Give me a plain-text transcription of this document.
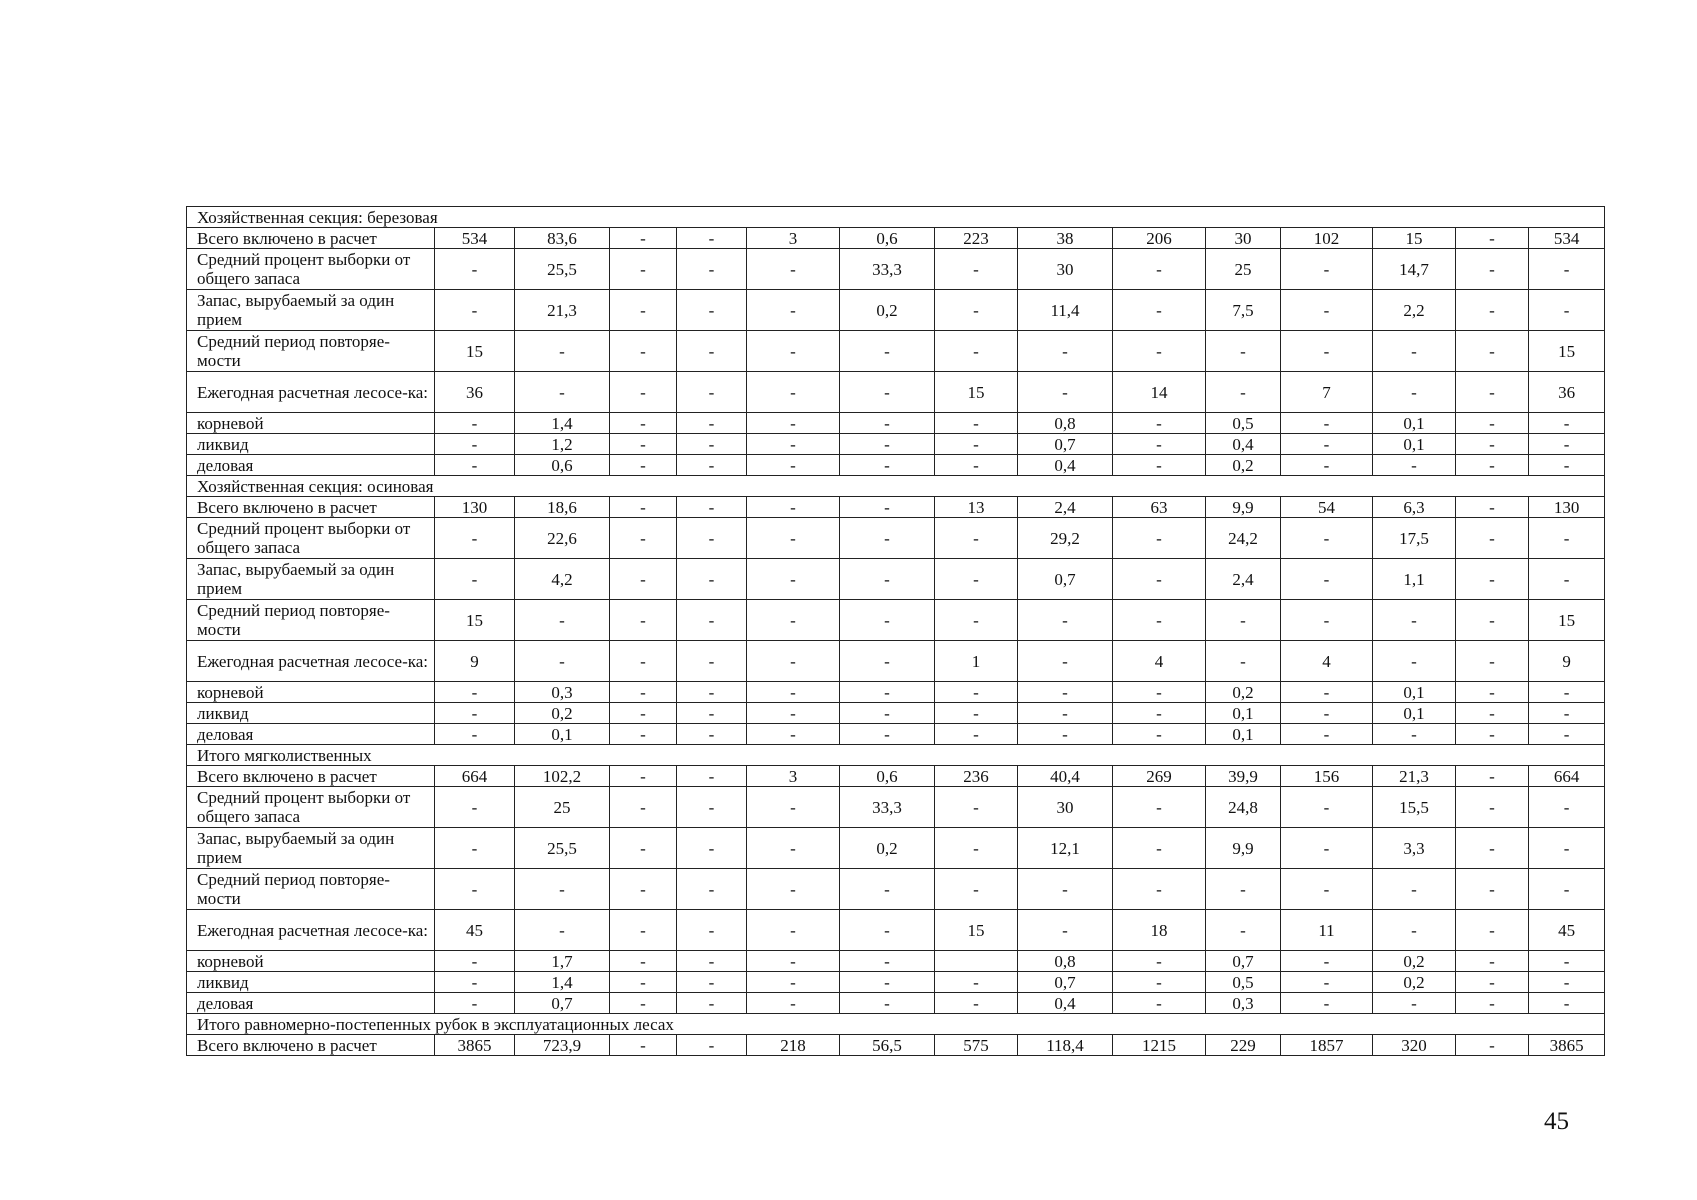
Хозяйственная секция: березовая														
Всего включено в расчет	534	83,6	-	-	3	0,6	223	38	206	30	102	15	-	534
Средний процент выборки от общего запаса	-	25,5	-	-	-	33,3	-	30	-	25	-	14,7	-	-
Запас, вырубаемый за один прием	-	21,3	-	-	-	0,2	-	11,4	-	7,5	-	2,2	-	-
Средний период повторяе-мости	15	-	-	-	-	-	-	-	-	-	-	-	-	15
Ежегодная расчетная лесосе-ка:	36	-	-	-	-	-	15	-	14	-	7	-	-	36
корневой	-	1,4	-	-	-	-	-	0,8	-	0,5	-	0,1	-	-
ликвид	-	1,2	-	-	-	-	-	0,7	-	0,4	-	0,1	-	-
деловая	-	0,6	-	-	-	-	-	0,4	-	0,2	-	-	-	-
Хозяйственная секция: осиновая														
Всего включено в расчет	130	18,6	-	-	-	-	13	2,4	63	9,9	54	6,3	-	130
Средний процент выборки от общего запаса	-	22,6	-	-	-	-	-	29,2	-	24,2	-	17,5	-	-
Запас, вырубаемый за один прием	-	4,2	-	-	-	-	-	0,7	-	2,4	-	1,1	-	-
Средний период повторяе-мости	15	-	-	-	-	-	-	-	-	-	-	-	-	15
Ежегодная расчетная лесосе-ка:	9	-	-	-	-	-	1	-	4	-	4	-	-	9
корневой	-	0,3	-	-	-	-	-	-	-	0,2	-	0,1	-	-
ликвид	-	0,2	-	-	-	-	-	-	-	0,1	-	0,1	-	-
деловая	-	0,1	-	-	-	-	-	-	-	0,1	-	-	-	-
Итого мягколиственных														
Всего включено в расчет	664	102,2	-	-	3	0,6	236	40,4	269	39,9	156	21,3	-	664
Средний процент выборки от общего запаса	-	25	-	-	-	33,3	-	30	-	24,8	-	15,5	-	-
Запас, вырубаемый за один прием	-	25,5	-	-	-	0,2	-	12,1	-	9,9	-	3,3	-	-
Средний период повторяе-мости	-	-	-	-	-	-	-	-	-	-	-	-	-	-
Ежегодная расчетная лесосе-ка:	45	-	-	-	-	-	15	-	18	-	11	-	-	45
корневой	-	1,7	-	-	-	-		0,8	-	0,7	-	0,2	-	-
ликвид	-	1,4	-	-	-	-	-	0,7	-	0,5	-	0,2	-	-
деловая	-	0,7	-	-	-	-	-	0,4	-	0,3	-	-	-	-
Итого равномерно-постепенных рубок в эксплуатационных лесах														
Всего включено в расчет	3865	723,9	-	-	218	56,5	575	118,4	1215	229	1857	320	-	3865
45
